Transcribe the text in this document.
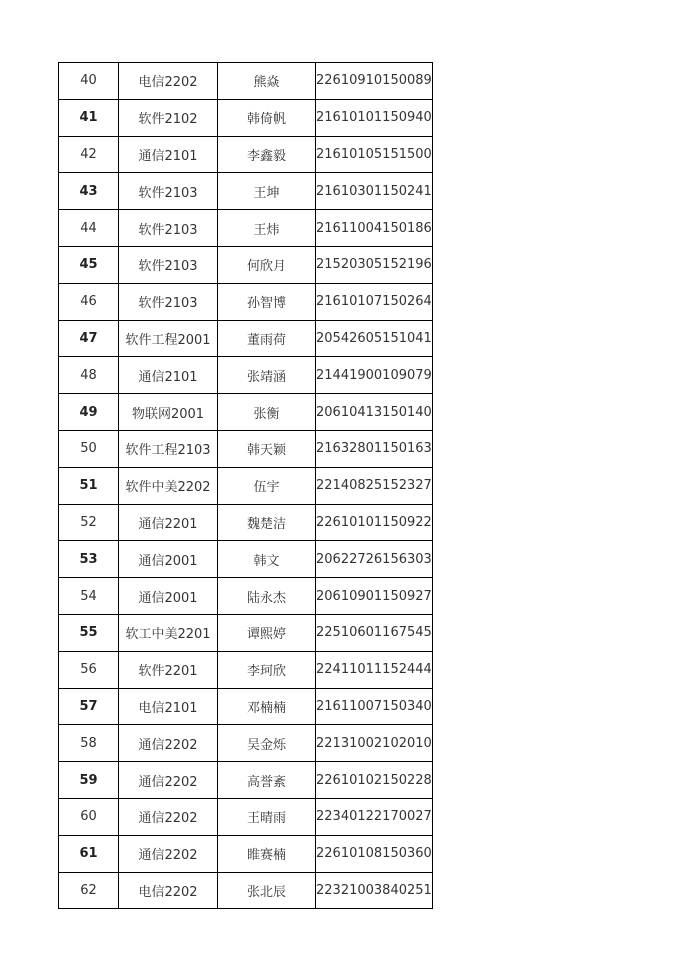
40	电信2202	熊焱	22610910150089
41	软件2102	韩倚帆	21610101150940
42	通信2101	李鑫毅	21610105151500
43	软件2103	王坤	21610301150241
44	软件2103	王炜	21611004150186
45	软件2103	何欣月	21520305152196
46	软件2103	孙智博	21610107150264
47	软件工程2001	董雨荷	20542605151041
48	通信2101	张靖涵	21441900109079
49	物联网2001	张衡	20610413150140
50	软件工程2103	韩天颖	21632801150163
51	软件中美2202	伍宇	22140825152327
52	通信2201	魏楚洁	22610101150922
53	通信2001	韩文	20622726156303
54	通信2001	陆永杰	20610901150927
55	软工中美2201	谭熙婷	22510601167545
56	软件2201	李珂欣	22411011152444
57	电信2101	邓楠楠	21611007150340
58	通信2202	吴金烁	22131002102010
59	通信2202	高誉紊	22610102150228
60	通信2202	王晴雨	22340122170027
61	通信2202	睢赛楠	22610108150360
62	电信2202	张北辰	22321003840251
